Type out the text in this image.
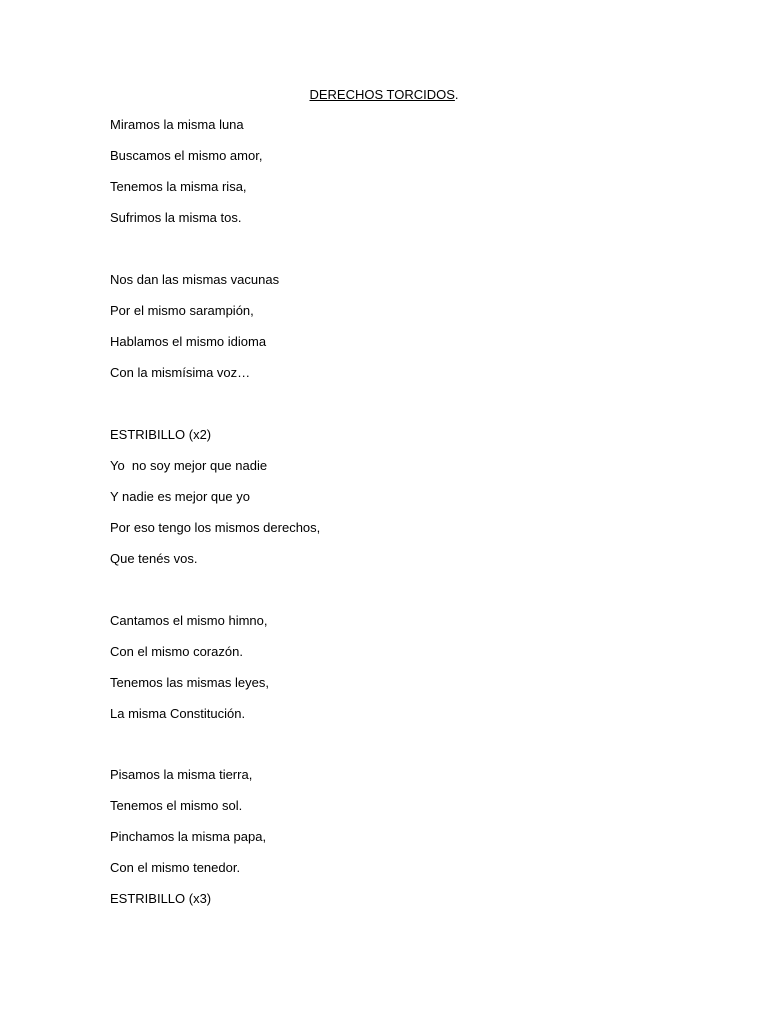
DERECHOS TORCIDOS.
Miramos la misma luna
Buscamos el mismo amor,
Tenemos la misma risa,
Sufrimos la misma tos.
Nos dan las mismas vacunas
Por el mismo sarampión,
Hablamos el mismo idioma
Con la mismísima voz…
ESTRIBILLO (x2)
Yo  no soy mejor que nadie
Y nadie es mejor que yo
Por eso tengo los mismos derechos,
Que tenés vos.
Cantamos el mismo himno,
Con el mismo corazón.
Tenemos las mismas leyes,
La misma Constitución.
Pisamos la misma tierra,
Tenemos el mismo sol.
Pinchamos la misma papa,
Con el mismo tenedor.
ESTRIBILLO (x3)
